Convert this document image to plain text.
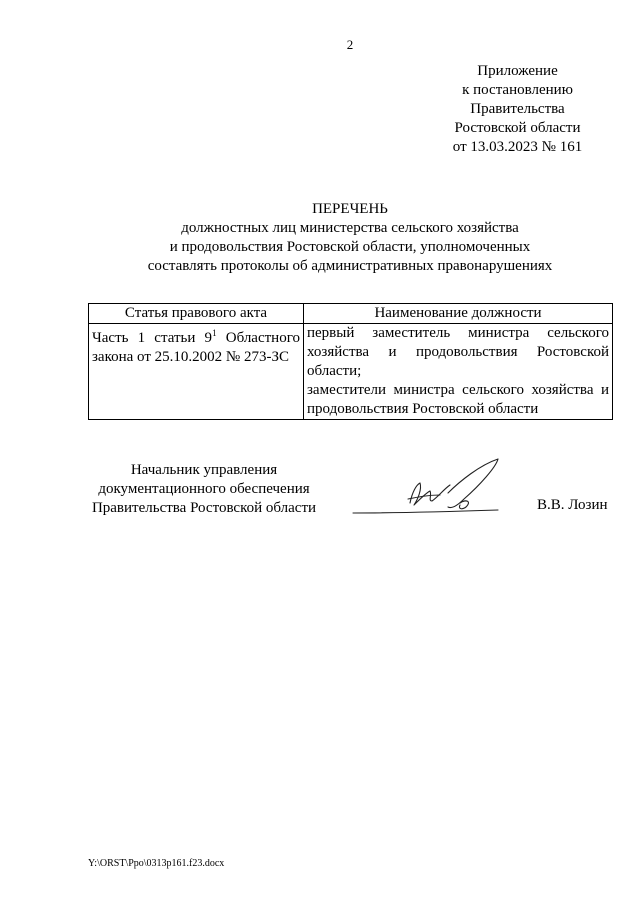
2
Приложение
к постановлению
Правительства
Ростовской области
от 13.03.2023 № 161
ПЕРЕЧЕНЬ
должностных лиц министерства сельского хозяйства
и продовольствия Ростовской области, уполномоченных
составлять протоколы об административных правонарушениях
Статья правового акта	Наименование должности
Часть 1 статьи $9^1$ Областного закона от 25.10.2002 № 273-ЗС	первый заместитель министра сельского хозяйства и продовольствия Ростовской области;
заместители министра сельского хозяйства и продовольствия Ростовской области
Начальник управления
документационного обеспечения
Правительства Ростовской области	В.В. Лозин
Y:\ORST\Ppo\0313p161.f23.docx
